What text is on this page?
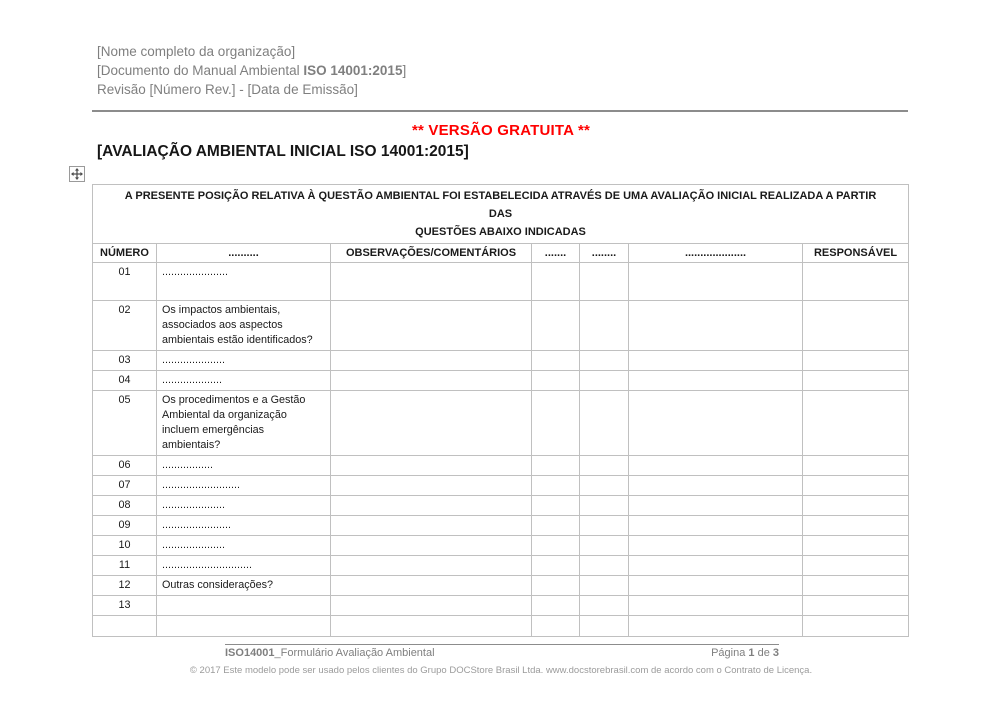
[Nome completo da organização]
[Documento do Manual Ambiental ISO 14001:2015]
Revisão [Número Rev.] - [Data de Emissão]
** VERSÃO GRATUITA **
[AVALIAÇÃO AMBIENTAL INICIAL ISO 14001:2015]
A PRESENTE POSIÇÃO RELATIVA À QUESTÃO AMBIENTAL FOI ESTABELECIDA ATRAVÉS DE UMA AVALIAÇÃO INICIAL REALIZADA A PARTIR DAS
QUESTÕES ABAIXO INDICADAS						
NÚMERO	..........	OBSERVAÇÕES/COMENTÁRIOS	.......	........	....................	RESPONSÁVEL
01	......................					
02	Os impactos ambientais, associados aos aspectos ambientais estão identificados?					
03	.....................					
04	....................					
05	Os procedimentos e a Gestão Ambiental da organização incluem emergências ambientais?					
06	.................					
07	..........................					
08	.....................					
09	.......................					
10	.....................					
11	..............................					
12	Outras considerações?					
13						

ISO14001_Formulário Avaliação Ambiental	Página 1 de 3
© 2017 Este modelo pode ser usado pelos clientes do Grupo DOCStore Brasil Ltda. www.docstorebrasil.com de acordo com o Contrato de Licença.
